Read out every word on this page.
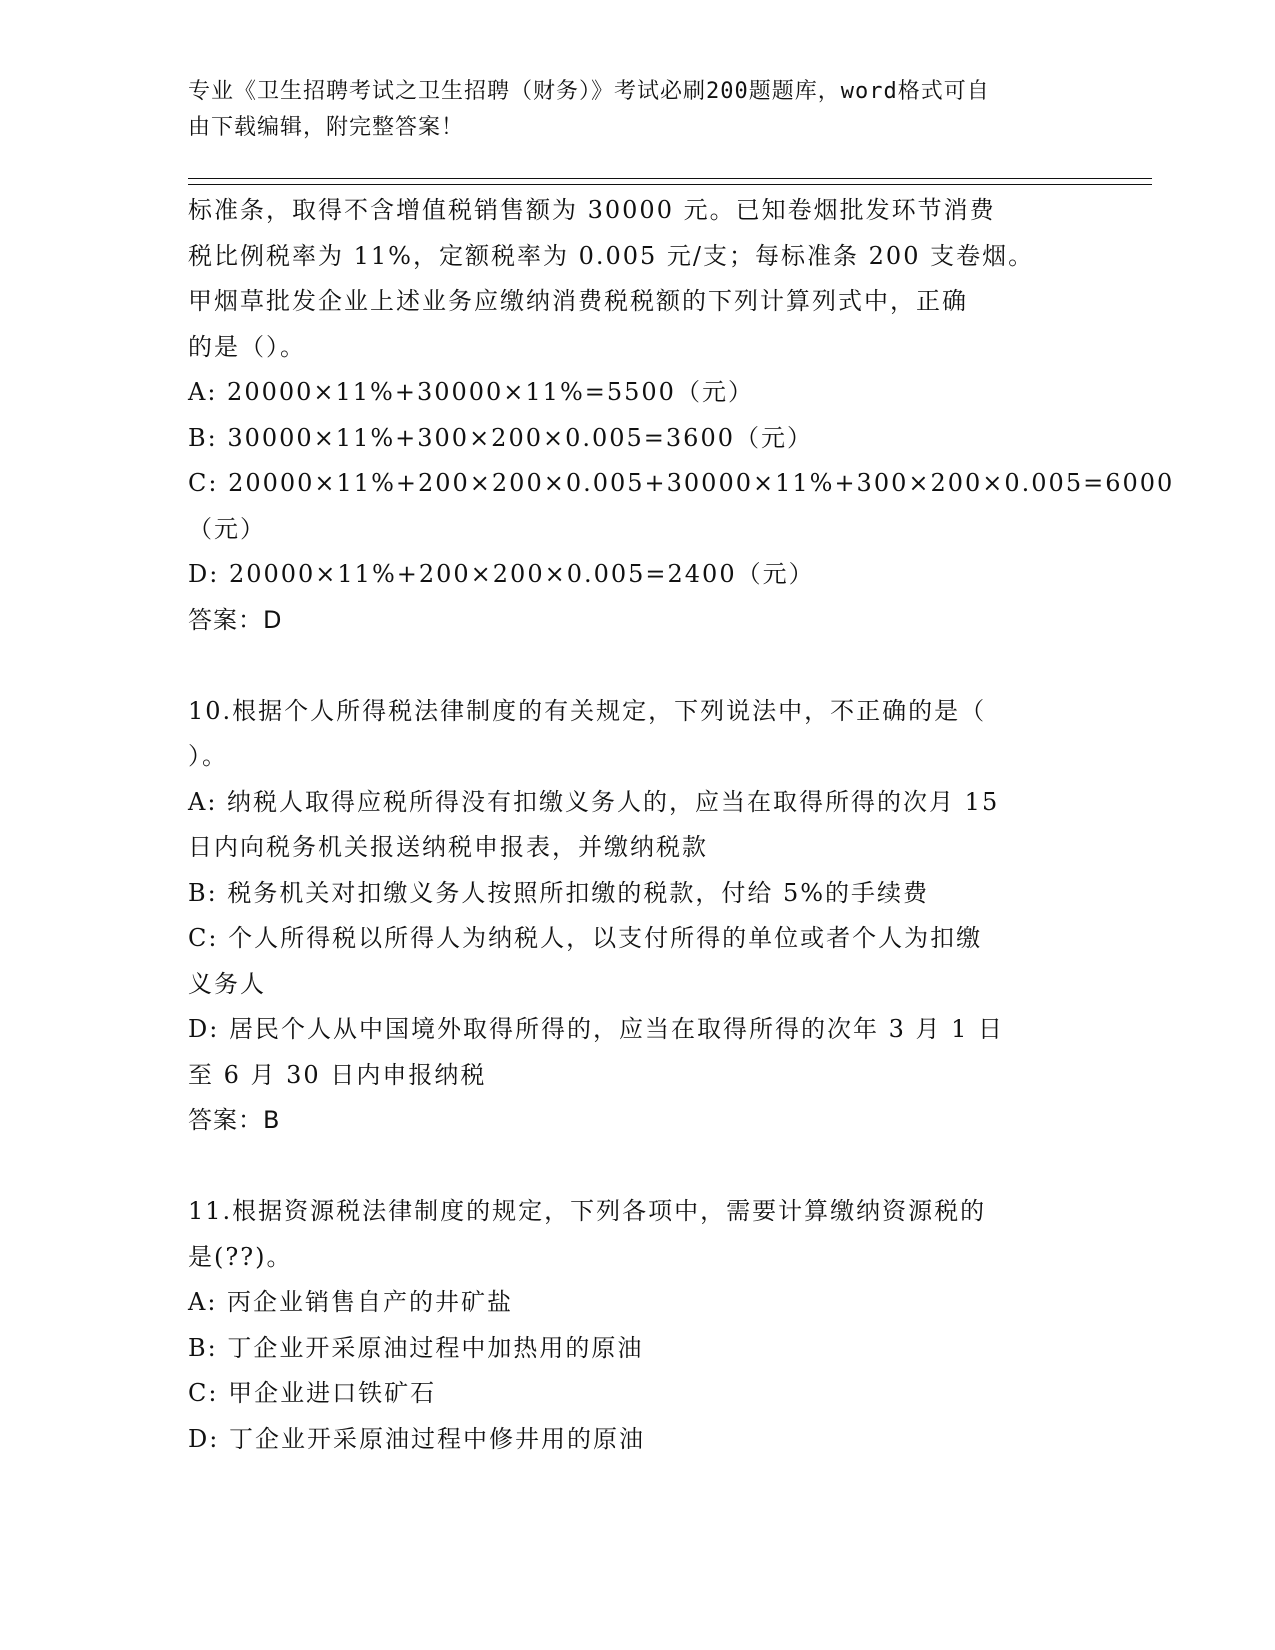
专业《卫生招聘考试之卫生招聘（财务）》考试必刷200题题库，word格式可自
由下载编辑，附完整答案！
标准条，取得不含增值税销售额为 30000 元。已知卷烟批发环节消费
税比例税率为 11%，定额税率为 0.005 元/支；每标准条 200 支卷烟。
甲烟草批发企业上述业务应缴纳消费税税额的下列计算列式中，正确
的是（）。
A: 20000×11%+30000×11%=5500（元）
B: 30000×11%+300×200×0.005=3600（元）
C: 20000×11%+200×200×0.005+30000×11%+300×200×0.005=6000
（元）
D: 20000×11%+200×200×0.005=2400（元）
答案：D
10.根据个人所得税法律制度的有关规定，下列说法中，不正确的是（
）。
A: 纳税人取得应税所得没有扣缴义务人的，应当在取得所得的次月 15
日内向税务机关报送纳税申报表，并缴纳税款
B: 税务机关对扣缴义务人按照所扣缴的税款，付给 5%的手续费
C: 个人所得税以所得人为纳税人，以支付所得的单位或者个人为扣缴
义务人
D: 居民个人从中国境外取得所得的，应当在取得所得的次年 3 月 1 日
至 6 月 30 日内申报纳税
答案：B
11.根据资源税法律制度的规定，下列各项中，需要计算缴纳资源税的
是(??)。
A: 丙企业销售自产的井矿盐
B: 丁企业开采原油过程中加热用的原油
C: 甲企业进口铁矿石
D: 丁企业开采原油过程中修井用的原油
